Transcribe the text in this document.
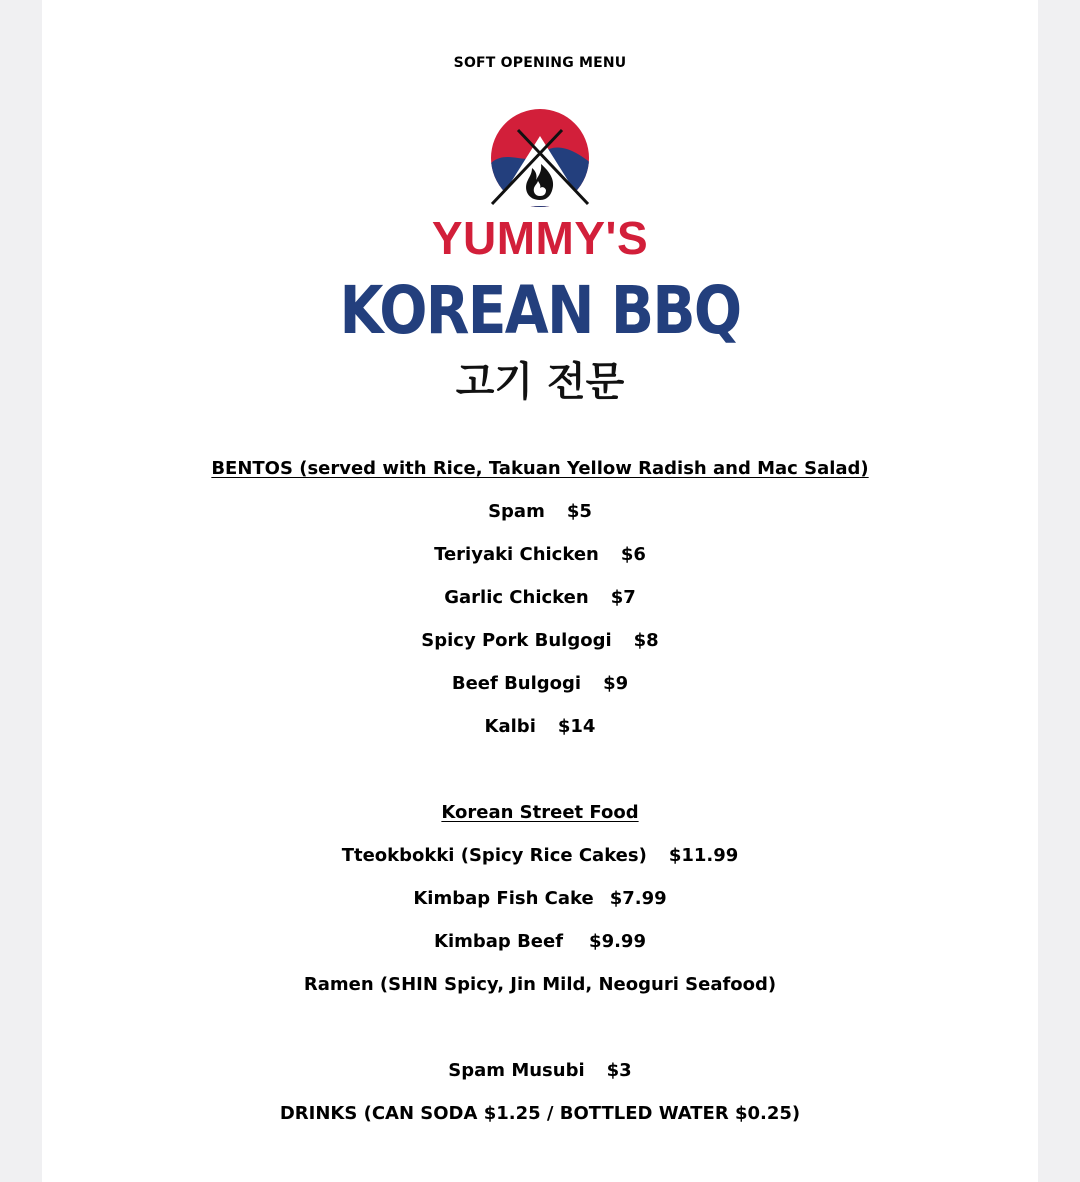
SOFT OPENING MENU
YUMMY'S
KOREAN BBQ
고기 전문
BENTOS (served with Rice, Takuan Yellow Radish and Mac Salad)
Spam $5
Teriyaki Chicken $6
Garlic Chicken $7
Spicy Pork Bulgogi $8
Beef Bulgogi $9
Kalbi $14
Korean Street Food
Tteokbokki (Spicy Rice Cakes) $11.99
Kimbap Fish Cake $7.99
Kimbap Beef $9.99
Ramen (SHIN Spicy, Jin Mild, Neoguri Seafood)
Spam Musubi $3
DRINKS (CAN SODA $1.25 / BOTTLED WATER $0.25)
